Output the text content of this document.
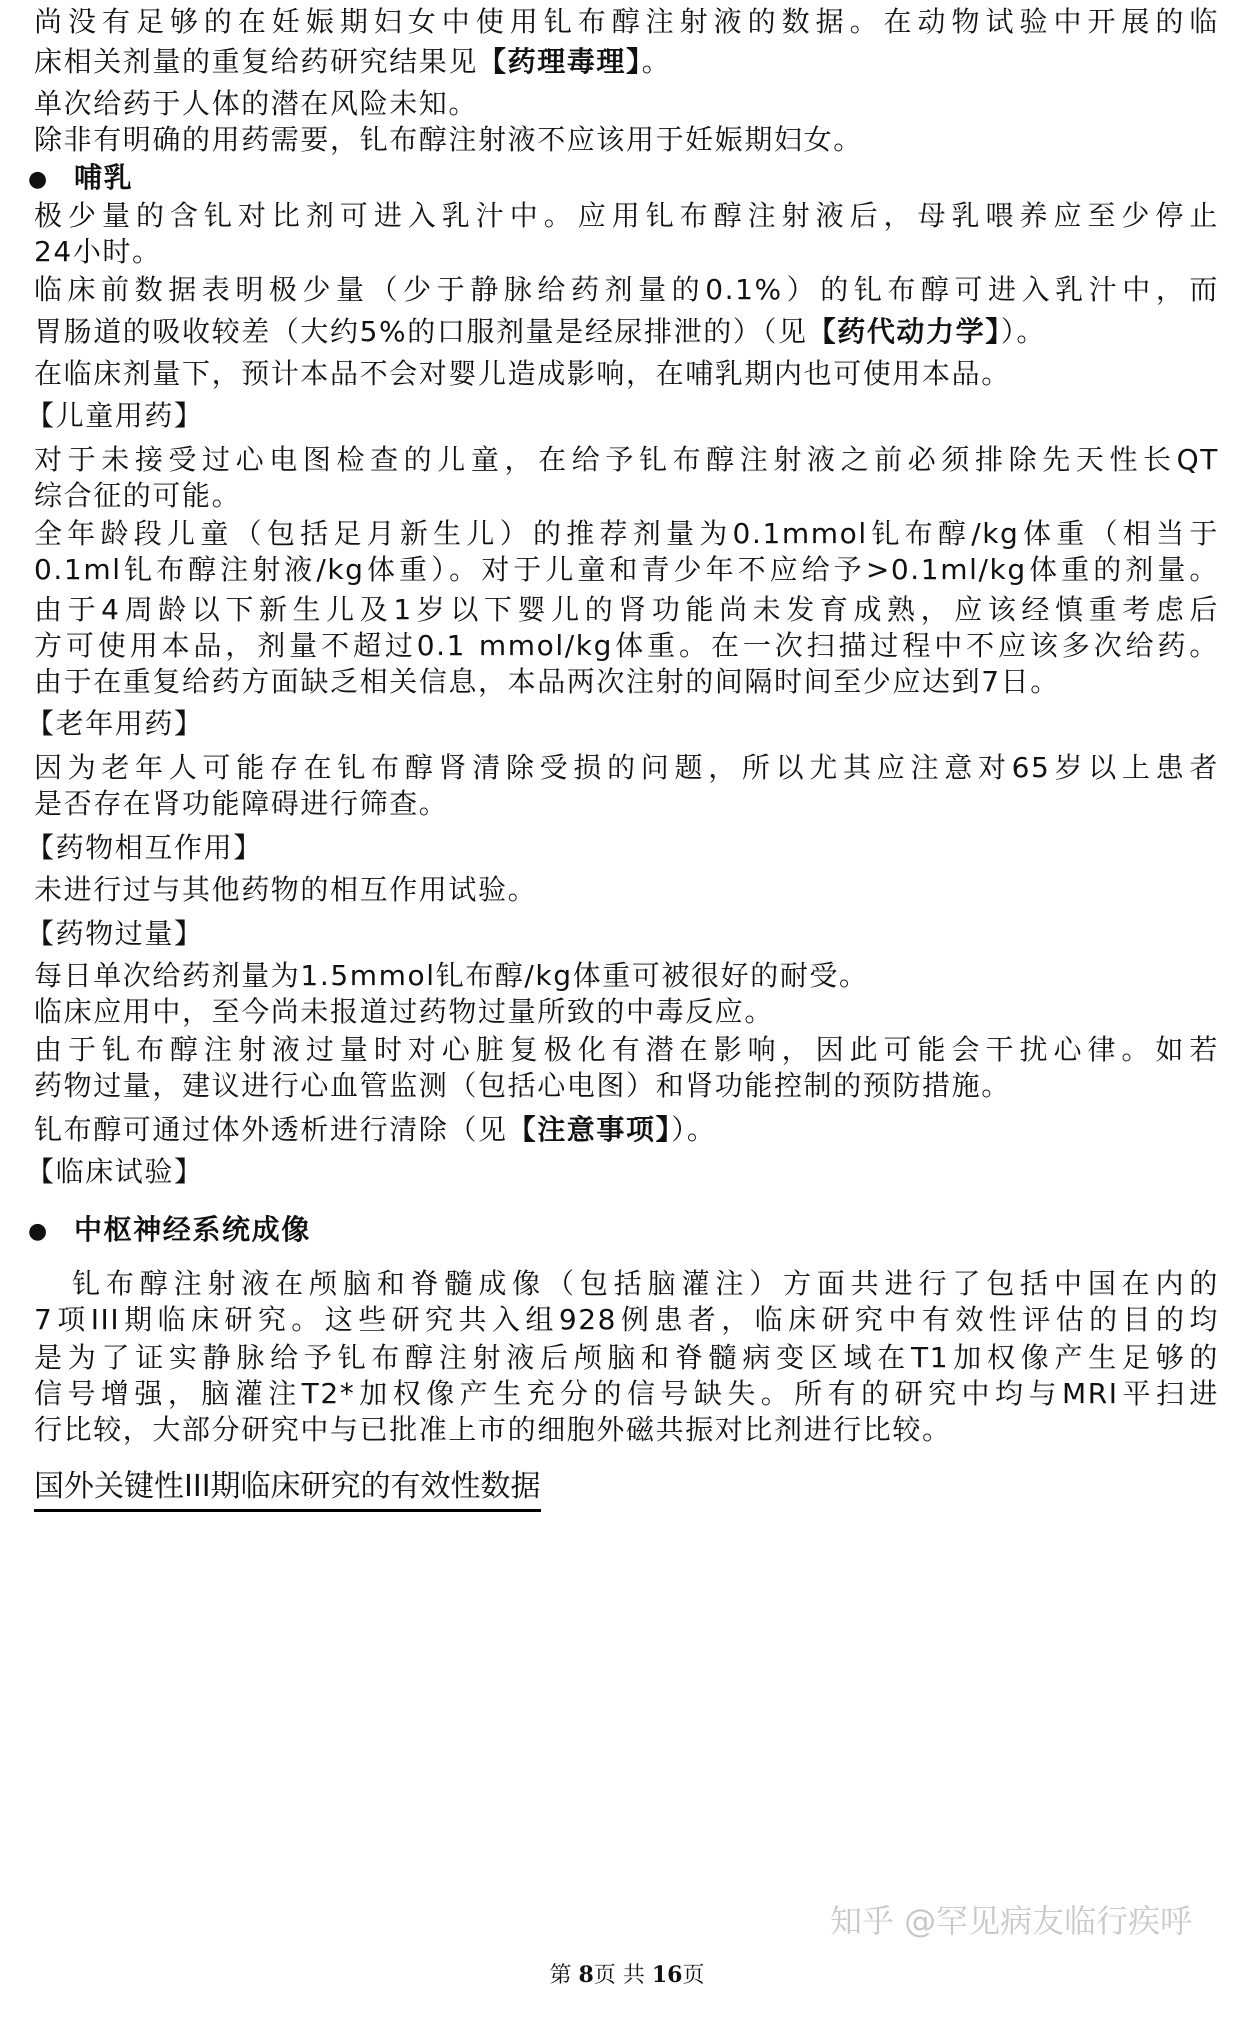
尚没有足够的在妊娠期妇女中使用钆布醇注射液的数据。在动物试验中开展的临
床相关剂量的重复给药研究结果见【药理毒理】。
单次给药于人体的潜在风险未知。
除非有明确的用药需要，钆布醇注射液不应该用于妊娠期妇女。
● 哺乳
极少量的含钆对比剂可进入乳汁中。应用钆布醇注射液后，母乳喂养应至少停止
24小时。
临床前数据表明极少量（少于静脉给药剂量的0.1%）的钆布醇可进入乳汁中，而
胃肠道的吸收较差（大约5%的口服剂量是经尿排泄的）（见【药代动力学】）。
在临床剂量下，预计本品不会对婴儿造成影响，在哺乳期内也可使用本品。
【儿童用药】
对于未接受过心电图检查的儿童，在给予钆布醇注射液之前必须排除先天性长QT
综合征的可能。
全年龄段儿童（包括足月新生儿）的推荐剂量为0.1mmol钆布醇/kg体重（相当于
0.1ml钆布醇注射液/kg体重）。对于儿童和青少年不应给予>0.1ml/kg体重的剂量。
由于4周龄以下新生儿及1岁以下婴儿的肾功能尚未发育成熟，应该经慎重考虑后
方可使用本品，剂量不超过0.1 mmol/kg体重。在一次扫描过程中不应该多次给药。
由于在重复给药方面缺乏相关信息，本品两次注射的间隔时间至少应达到7日。
【老年用药】
因为老年人可能存在钆布醇肾清除受损的问题，所以尤其应注意对65岁以上患者
是否存在肾功能障碍进行筛查。
【药物相互作用】
未进行过与其他药物的相互作用试验。
【药物过量】
每日单次给药剂量为1.5mmol钆布醇/kg体重可被很好的耐受。
临床应用中，至今尚未报道过药物过量所致的中毒反应。
由于钆布醇注射液过量时对心脏复极化有潜在影响，因此可能会干扰心律。如若
药物过量，建议进行心血管监测（包括心电图）和肾功能控制的预防措施。
钆布醇可通过体外透析进行清除（见【注意事项】）。
【临床试验】
● 中枢神经系统成像
钆布醇注射液在颅脑和脊髓成像（包括脑灌注）方面共进行了包括中国在内的
7项III期临床研究。这些研究共入组928例患者，临床研究中有效性评估的目的均
是为了证实静脉给予钆布醇注射液后颅脑和脊髓病变区域在T1加权像产生足够的
信号增强，脑灌注T2*加权像产生充分的信号缺失。所有的研究中均与MRI平扫进
行比较，大部分研究中与已批准上市的细胞外磁共振对比剂进行比较。
国外关键性III期临床研究的有效性数据
知乎 @罕见病友临行疾呼
第 8页 共 16页
